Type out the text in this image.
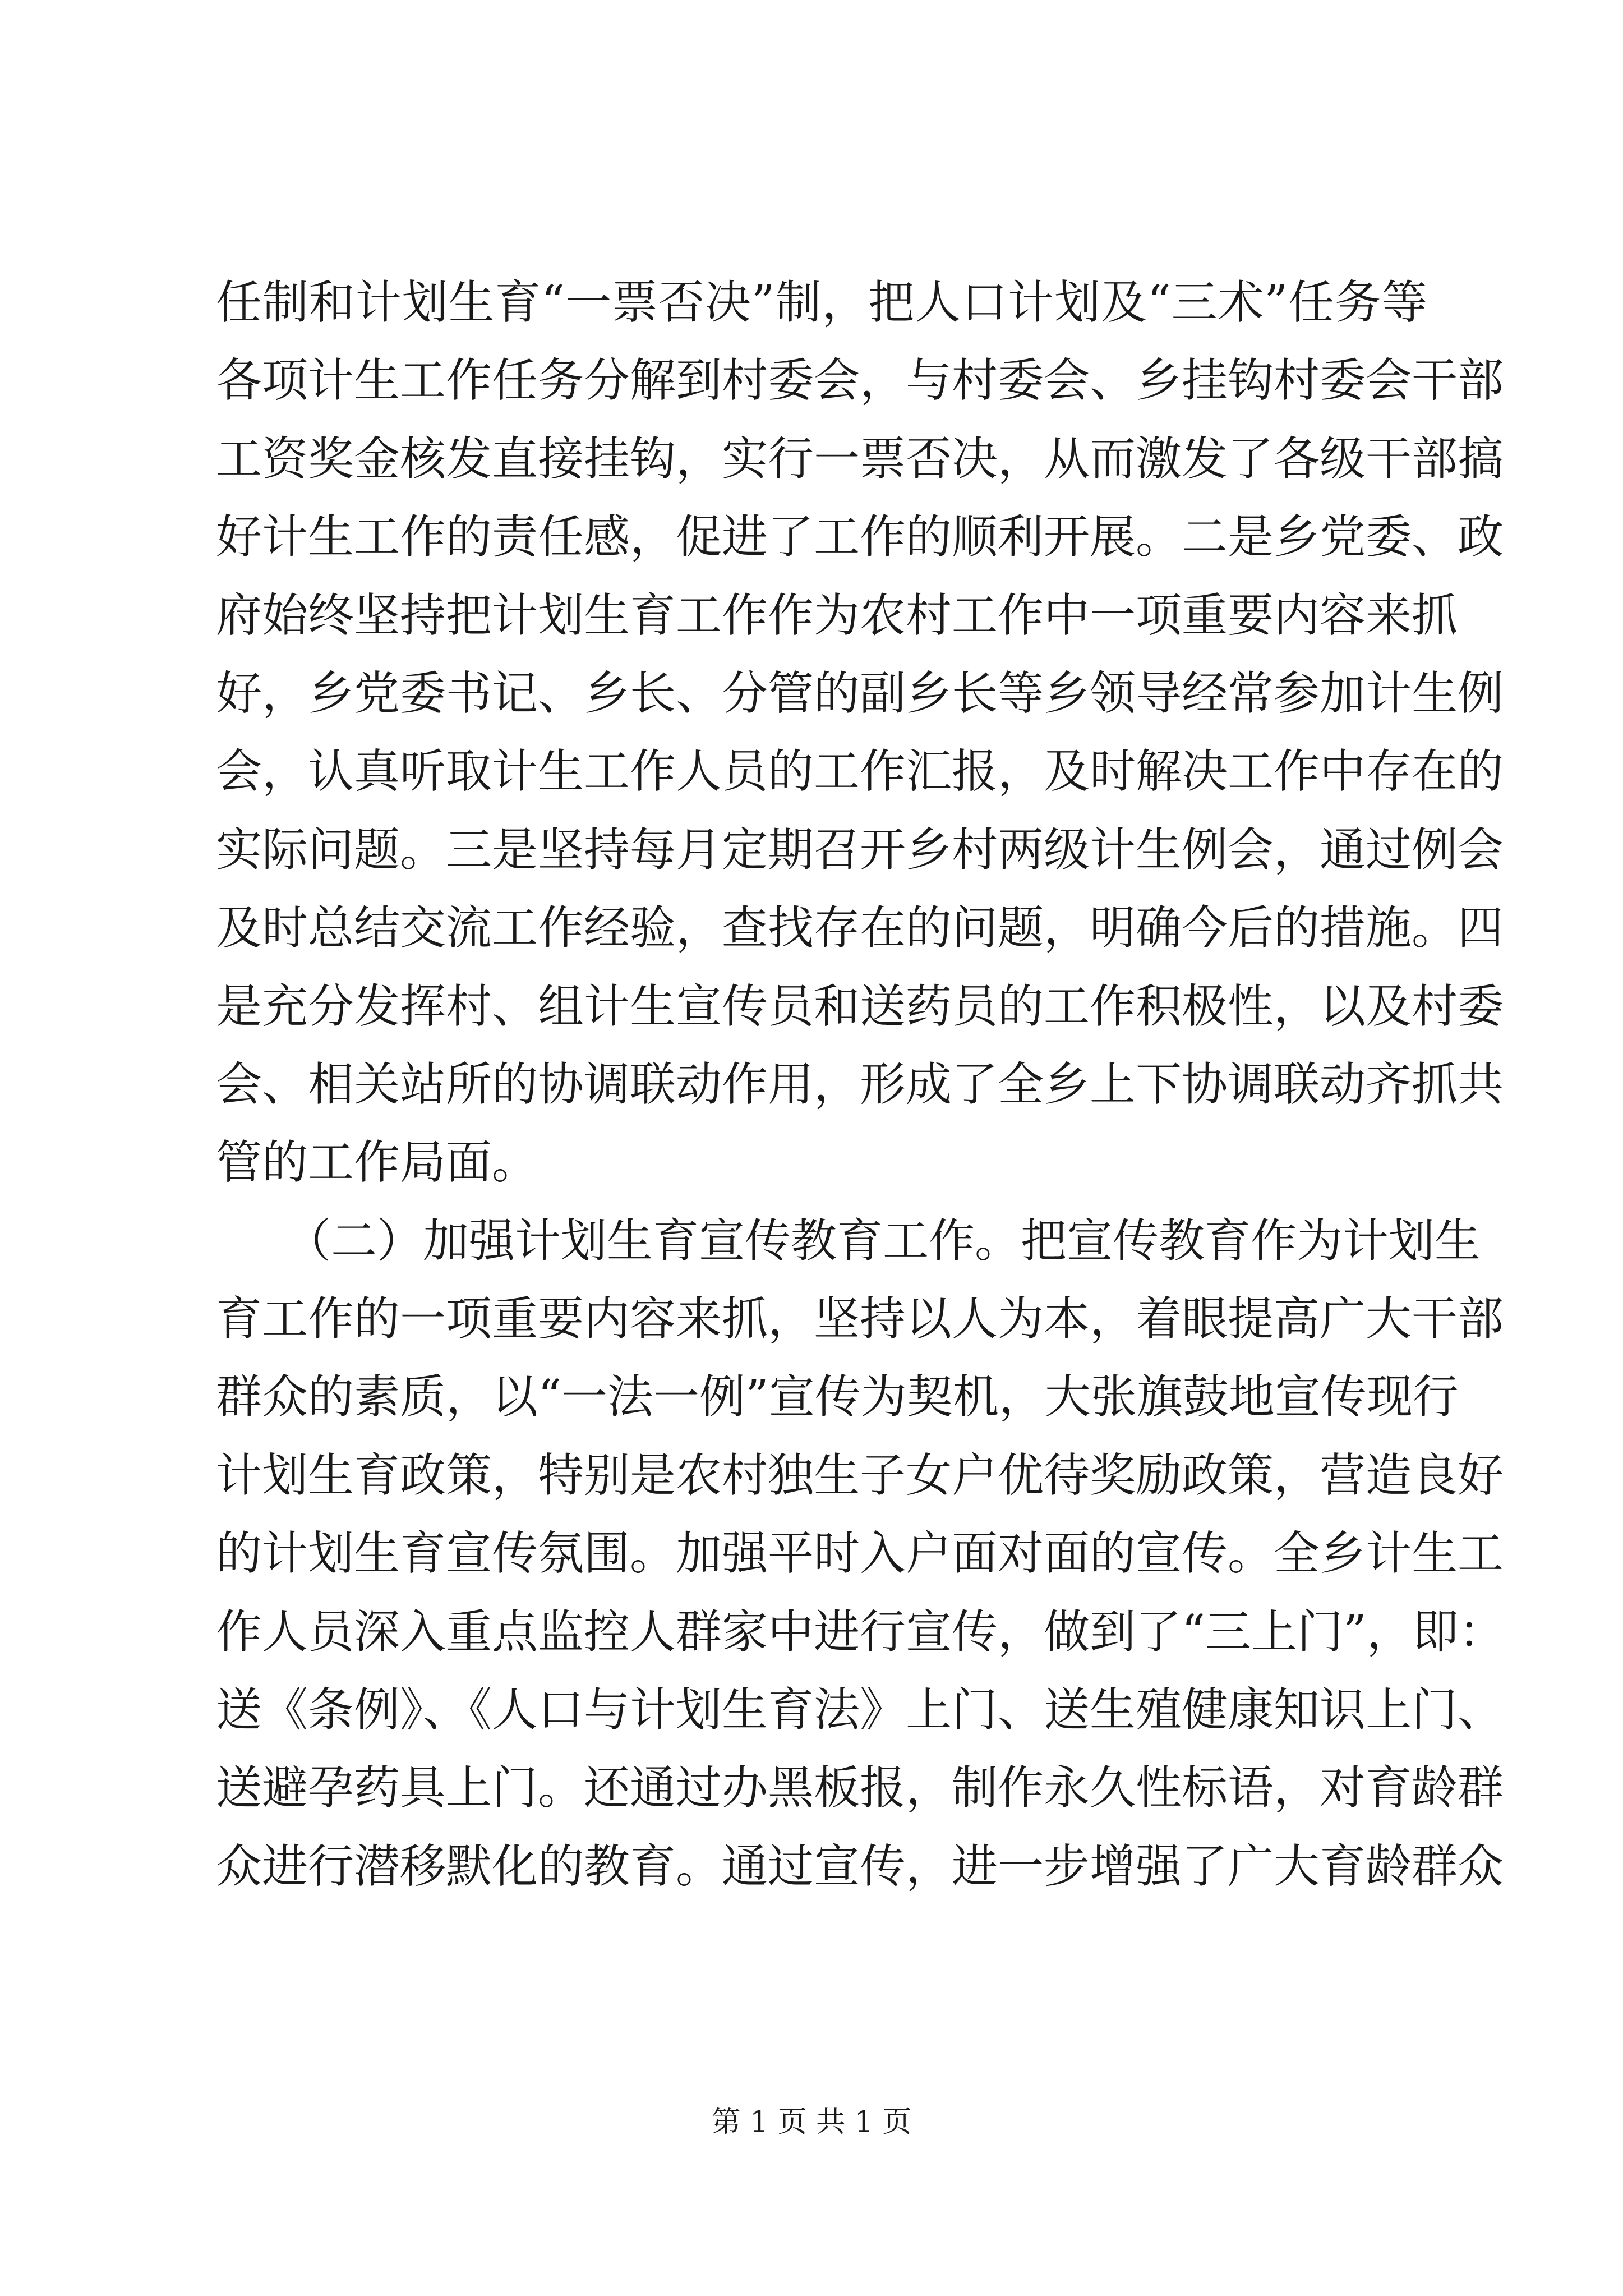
任制和计划生育“一票否决”制，把人口计划及“三术”任务等
各项计生工作任务分解到村委会，与村委会、乡挂钩村委会干部
工资奖金核发直接挂钩，实行一票否决，从而激发了各级干部搞
好计生工作的责任感，促进了工作的顺利开展。二是乡党委、政
府始终坚持把计划生育工作作为农村工作中一项重要内容来抓
好，乡党委书记、乡长、分管的副乡长等乡领导经常参加计生例
会，认真听取计生工作人员的工作汇报，及时解决工作中存在的
实际问题。三是坚持每月定期召开乡村两级计生例会，通过例会
及时总结交流工作经验，查找存在的问题，明确今后的措施。四
是充分发挥村、组计生宣传员和送药员的工作积极性，以及村委
会、相关站所的协调联动作用，形成了全乡上下协调联动齐抓共
管的工作局面。
　　（二）加强计划生育宣传教育工作。把宣传教育作为计划生
育工作的一项重要内容来抓，坚持以人为本，着眼提高广大干部
群众的素质，以“一法一例”宣传为契机，大张旗鼓地宣传现行
计划生育政策，特别是农村独生子女户优待奖励政策，营造良好
的计划生育宣传氛围。加强平时入户面对面的宣传。全乡计生工
作人员深入重点监控人群家中进行宣传，做到了“三上门”，即：
送《条例》、《人口与计划生育法》上门、送生殖健康知识上门、
送避孕药具上门。还通过办黑板报，制作永久性标语，对育龄群
众进行潜移默化的教育。通过宣传，进一步增强了广大育龄群众
第 1 页 共 1 页
